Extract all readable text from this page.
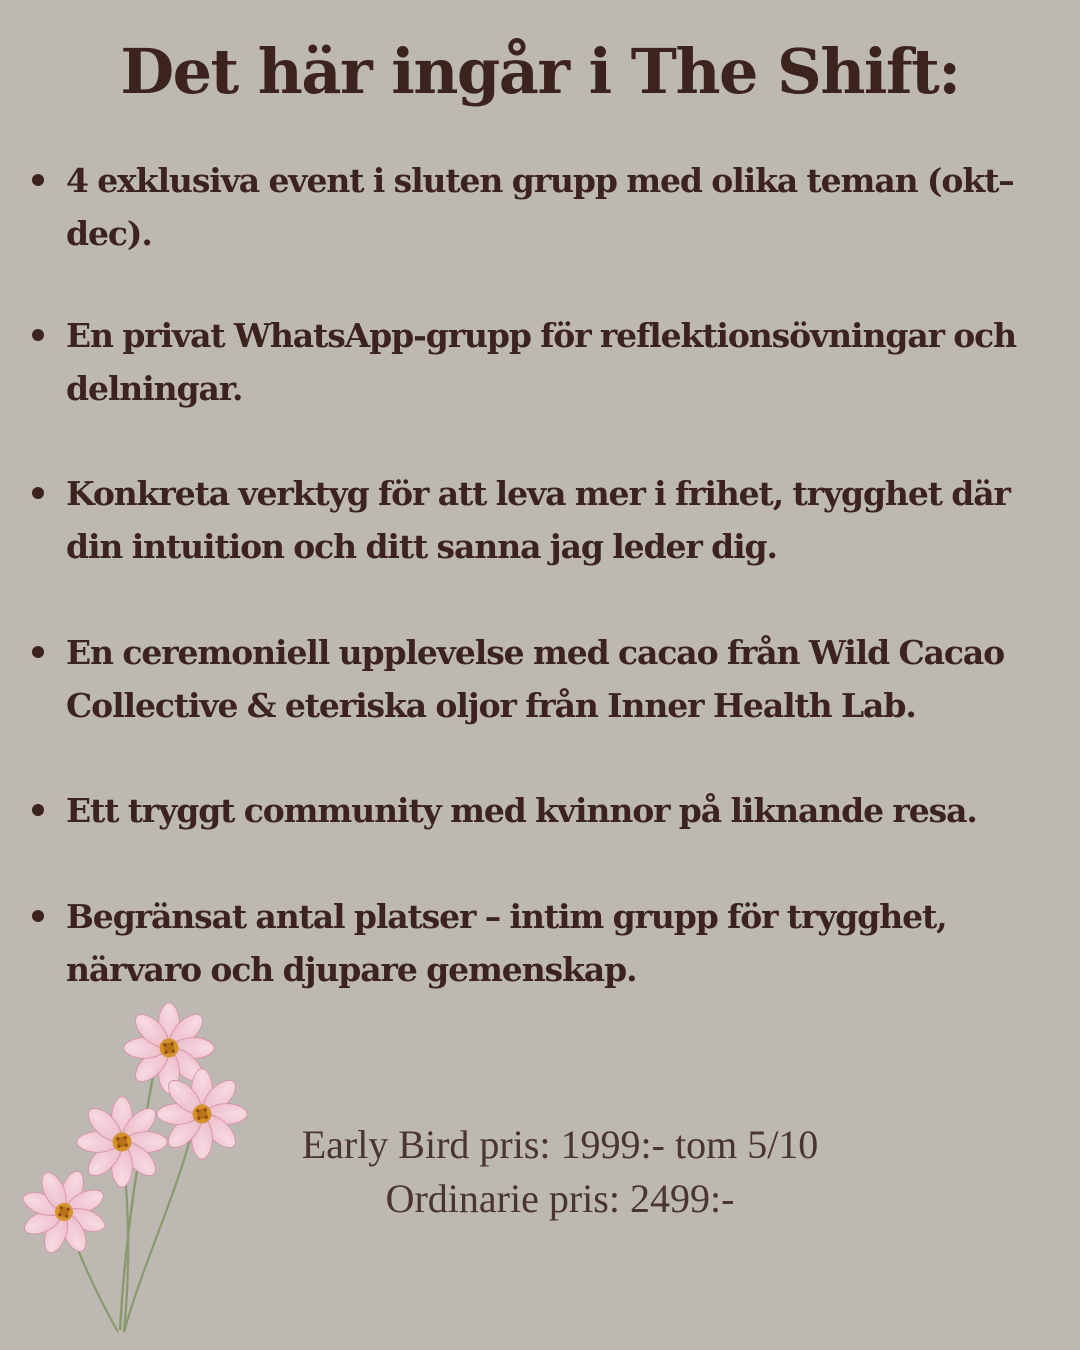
Det här ingår i The Shift:
4 exklusiva event i sluten grupp med olika teman (okt–dec).
En privat WhatsApp-grupp för reflektionsövningar och delningar.
Konkreta verktyg för att leva mer i frihet, trygghet där din intuition och ditt sanna jag leder dig.
En ceremoniell upplevelse med cacao från Wild Cacao Collective & eteriska oljor från Inner Health Lab.
Ett tryggt community med kvinnor på liknande resa.
Begränsat antal platser – intim grupp för trygghet, närvaro och djupare gemenskap.
Early Bird pris: 1999:- tom 5/10
Ordinarie pris: 2499:-
